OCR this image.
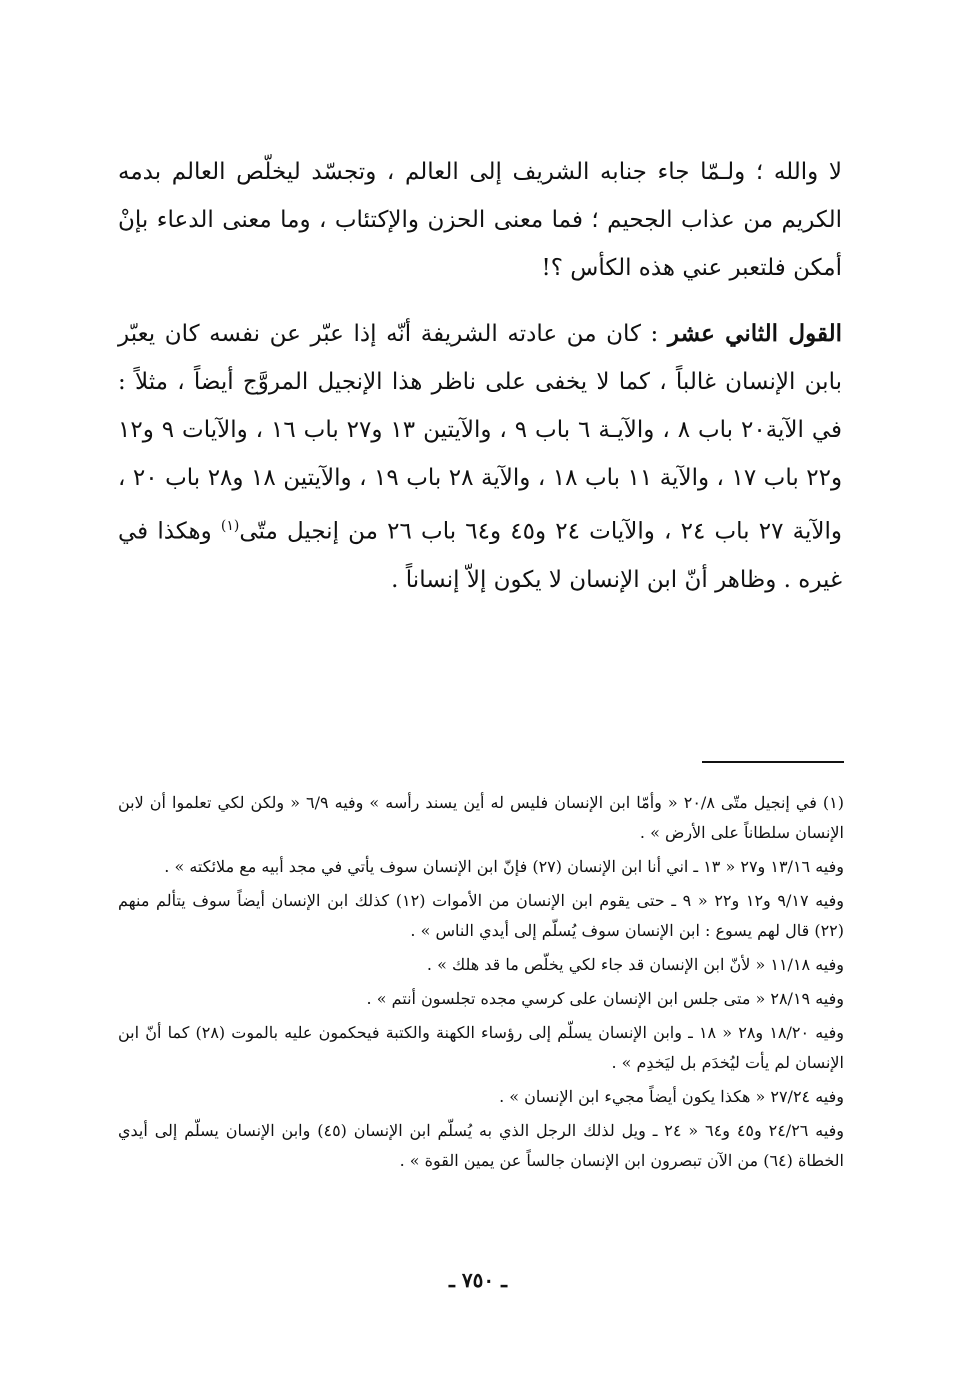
لا والله ؛ ولـمّا جاء جنابه الشريف إلى العالم ، وتجسّد ليخلّص العالم بدمه الكريم من عذاب الجحيم ؛ فما معنى الحزن والإكتئاب ، وما معنى الدعاء بإنْ أمكن فلتعبر عني هذه الكأس ؟!

القول الثاني عشر : كان من عادته الشريفة أنّه إذا عبّر عن نفسه كان يعبّر بابن الإنسان غالباً ، كما لا يخفى على ناظر هذا الإنجيل المروَّج أيضاً ، مثلاً : في الآية٢٠ باب ٨ ، والآيـة ٦ باب ٩ ، والآيتين ١٣ و٢٧ باب ١٦ ، والآيات ٩ و١٢ و٢٢ باب ١٧ ، والآية ١١ باب ١٨ ، والآية ٢٨ باب ١٩ ، والآيتين ١٨ و٢٨ باب ٢٠ ، والآية ٢٧ باب ٢٤ ، والآيات ٢٤ و٤٥ و٦٤ باب ٢٦ من إنجيل متّى$^{(١)}$ وهكذا في غيره . وظاهر أنّ ابن الإنسان لا يكون إلاّ إنساناً .

(١) في إنجيل متّى ٢٠/٨ « وأمّا ابن الإنسان فليس له أين يسند رأسه » وفيه ٦/٩ « ولكن لكي تعلموا أن لابن الإنسان سلطاناً على الأرض » .

وفيه ١٣/١٦ و٢٧ « ١٣ ـ اني أنا ابن الإنسان (٢٧) فإنّ ابن الإنسان سوف يأتي في مجد أبيه مع ملائكته » .

وفيه ٩/١٧ و١٢ و٢٢ « ٩ ـ حتى يقوم ابن الإنسان من الأموات (١٢) كذلك ابن الإنسان أيضاً سوف يتألم منهم (٢٢) قال لهم يسوع : ابن الإنسان سوف يُسلّم إلى أيدي الناس » .

وفيه ١١/١٨ « لأنّ ابن الإنسان قد جاء لكي يخلّص ما قد هلك » .

وفيه ٢٨/١٩ « متى جلس ابن الإنسان على كرسي مجده تجلسون أنتم » .

وفيه ١٨/٢٠ و٢٨ « ١٨ ـ وابن الإنسان يسلّم إلى رؤساء الكهنة والكتبة فيحكمون عليه بالموت (٢٨) كما أنّ ابن الإنسان لم يأت ليُخدَم بل ليَخدِم » .

وفيه ٢٧/٢٤ « هكذا يكون أيضاً مجيء ابن الإنسان » .

وفيه ٢٤/٢٦ و٤٥ و٦٤ « ٢٤ ـ ويل لذلك الرجل الذي به يُسلّم ابن الإنسان (٤٥) وابن الإنسان يسلّم إلى أيدي الخطاة (٦٤) من الآن تبصرون ابن الإنسان جالساً عن يمين القوة » .

ـ ٧٥٠ ـ
